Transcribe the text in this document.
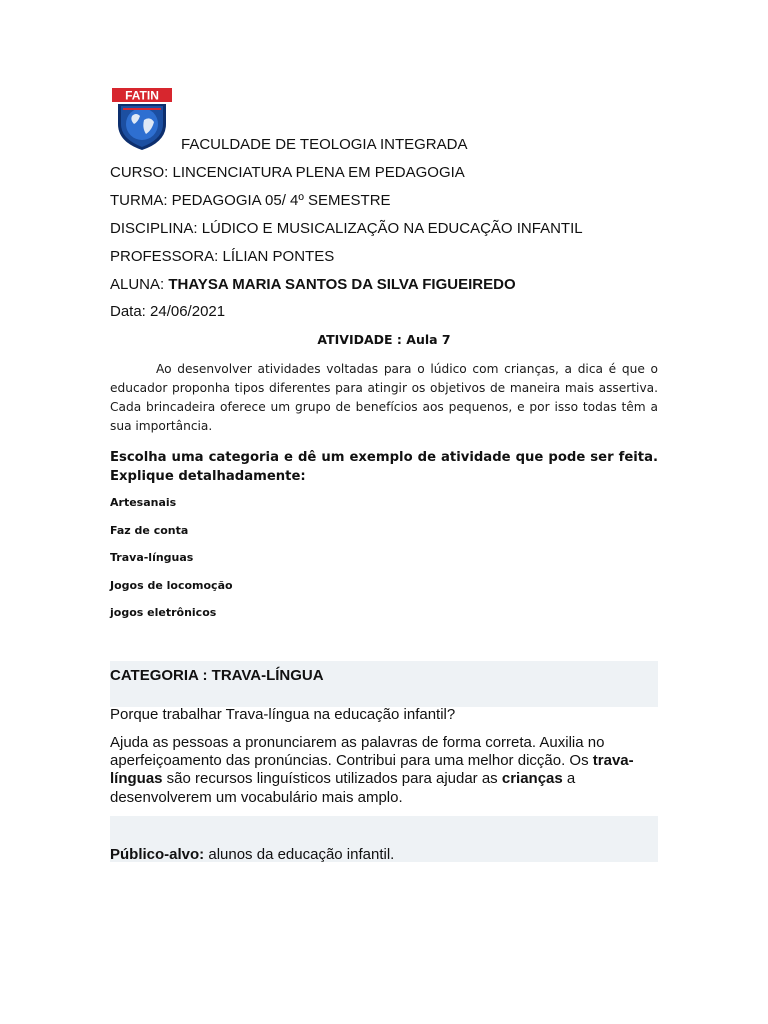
FATIN
FACULDADE DE TEOLOGIA INTEGRADA
CURSO: LINCENCIATURA PLENA EM PEDAGOGIA
TURMA: PEDAGOGIA 05/ 4º SEMESTRE
DISCIPLINA: LÚDICO E MUSICALIZAÇÃO NA EDUCAÇÃO INFANTIL
PROFESSORA: LÍLIAN PONTES
ALUNA: THAYSA MARIA SANTOS DA SILVA FIGUEIREDO
Data: 24/06/2021
ATIVIDADE : Aula 7
Ao desenvolver atividades voltadas para o lúdico com crianças, a dica é que o educador proponha tipos diferentes para atingir os objetivos de maneira mais assertiva. Cada brincadeira oferece um grupo de benefícios aos pequenos, e por isso todas têm a sua importância.
Escolha uma categoria e dê um exemplo de atividade que pode ser feita. Explique detalhadamente:
Artesanais
Faz de conta
Trava-línguas
Jogos de locomoção
jogos eletrônicos
CATEGORIA : TRAVA-LÍNGUA
Porque trabalhar Trava-língua na educação infantil?
Ajuda as pessoas a pronunciarem as palavras de forma correta. Auxilia no aperfeiçoamento das pronúncias. Contribui para uma melhor dicção. Os trava-línguas são recursos linguísticos utilizados para ajudar as crianças a desenvolverem um vocabulário mais amplo.
Público-alvo: alunos da educação infantil.
